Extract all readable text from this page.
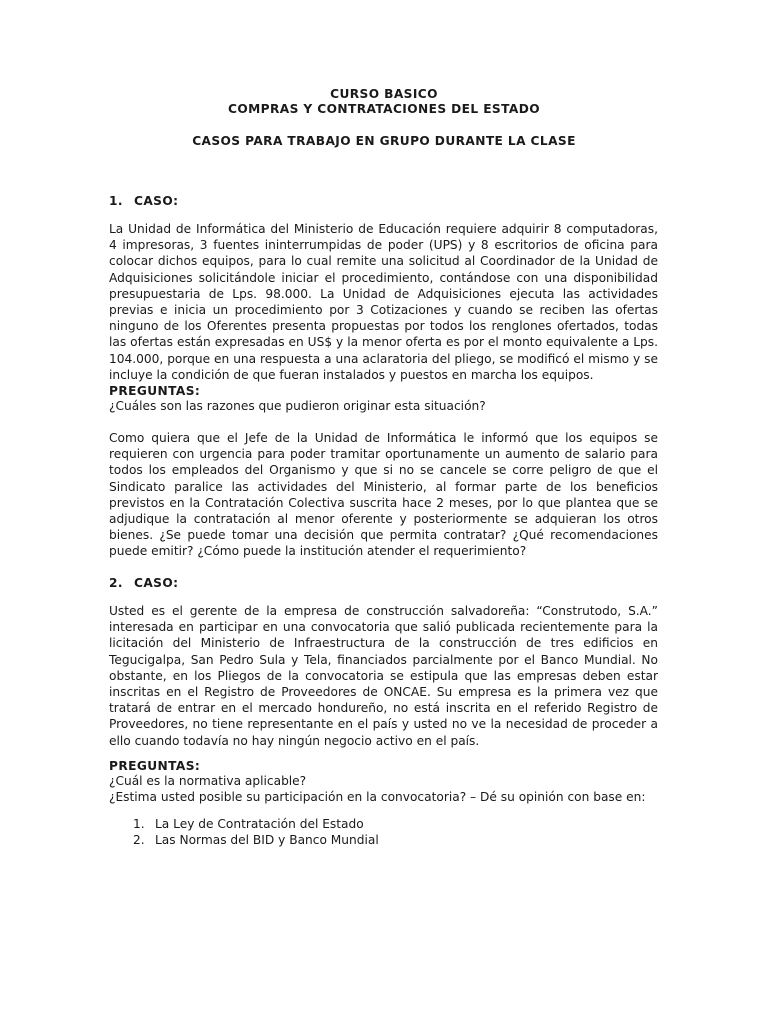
CURSO BASICO
COMPRAS Y CONTRATACIONES DEL ESTADO
CASOS PARA TRABAJO EN GRUPO DURANTE LA CLASE
1. CASO:
La Unidad de Informática del Ministerio de Educación requiere adquirir 8 computadoras, 4 impresoras, 3 fuentes ininterrumpidas de poder (UPS) y 8 escritorios de oficina para colocar dichos equipos, para lo cual remite una solicitud al Coordinador de la Unidad de Adquisiciones solicitándole iniciar el procedimiento, contándose con una disponibilidad presupuestaria de Lps. 98.000. La Unidad de Adquisiciones ejecuta las actividades previas e inicia un procedimiento por 3 Cotizaciones y cuando se reciben las ofertas ninguno de los Oferentes presenta propuestas por todos los renglones ofertados, todas las ofertas están expresadas en US$ y la menor oferta es por el monto equivalente a Lps. 104.000, porque en una respuesta a una aclaratoria del pliego, se modificó el mismo y se incluye la condición de que fueran instalados y puestos en marcha los equipos.
PREGUNTAS:
¿Cuáles son las razones que pudieron originar esta situación?
Como quiera que el Jefe de la Unidad de Informática le informó que los equipos se requieren con urgencia para poder tramitar oportunamente un aumento de salario para todos los empleados del Organismo y que si no se cancele se corre peligro de que el Sindicato paralice las actividades del Ministerio, al formar parte de los beneficios previstos en la Contratación Colectiva suscrita hace 2 meses, por lo que plantea que se adjudique la contratación al menor oferente y posteriormente se adquieran los otros bienes. ¿Se puede tomar una decisión que permita contratar? ¿Qué recomendaciones puede emitir? ¿Cómo puede la institución atender el requerimiento?
2. CASO:
Usted es el gerente de la empresa de construcción salvadoreña: “Construtodo, S.A.” interesada en participar en una convocatoria que salió publicada recientemente para la licitación del Ministerio de Infraestructura de la construcción de tres edificios en Tegucigalpa, San Pedro Sula y Tela, financiados parcialmente por el Banco Mundial. No obstante, en los Pliegos de la convocatoria se estipula que las empresas deben estar inscritas en el Registro de Proveedores de ONCAE. Su empresa es la primera vez que tratará de entrar en el mercado hondureño, no está inscrita en el referido Registro de Proveedores, no tiene representante en el país y usted no ve la necesidad de proceder a ello cuando todavía no hay ningún negocio activo en el país.
PREGUNTAS:
¿Cuál es la normativa aplicable?
¿Estima usted posible su participación en la convocatoria? – Dé su opinión con base en:
1. La Ley de Contratación del Estado
2. Las Normas del BID y Banco Mundial
